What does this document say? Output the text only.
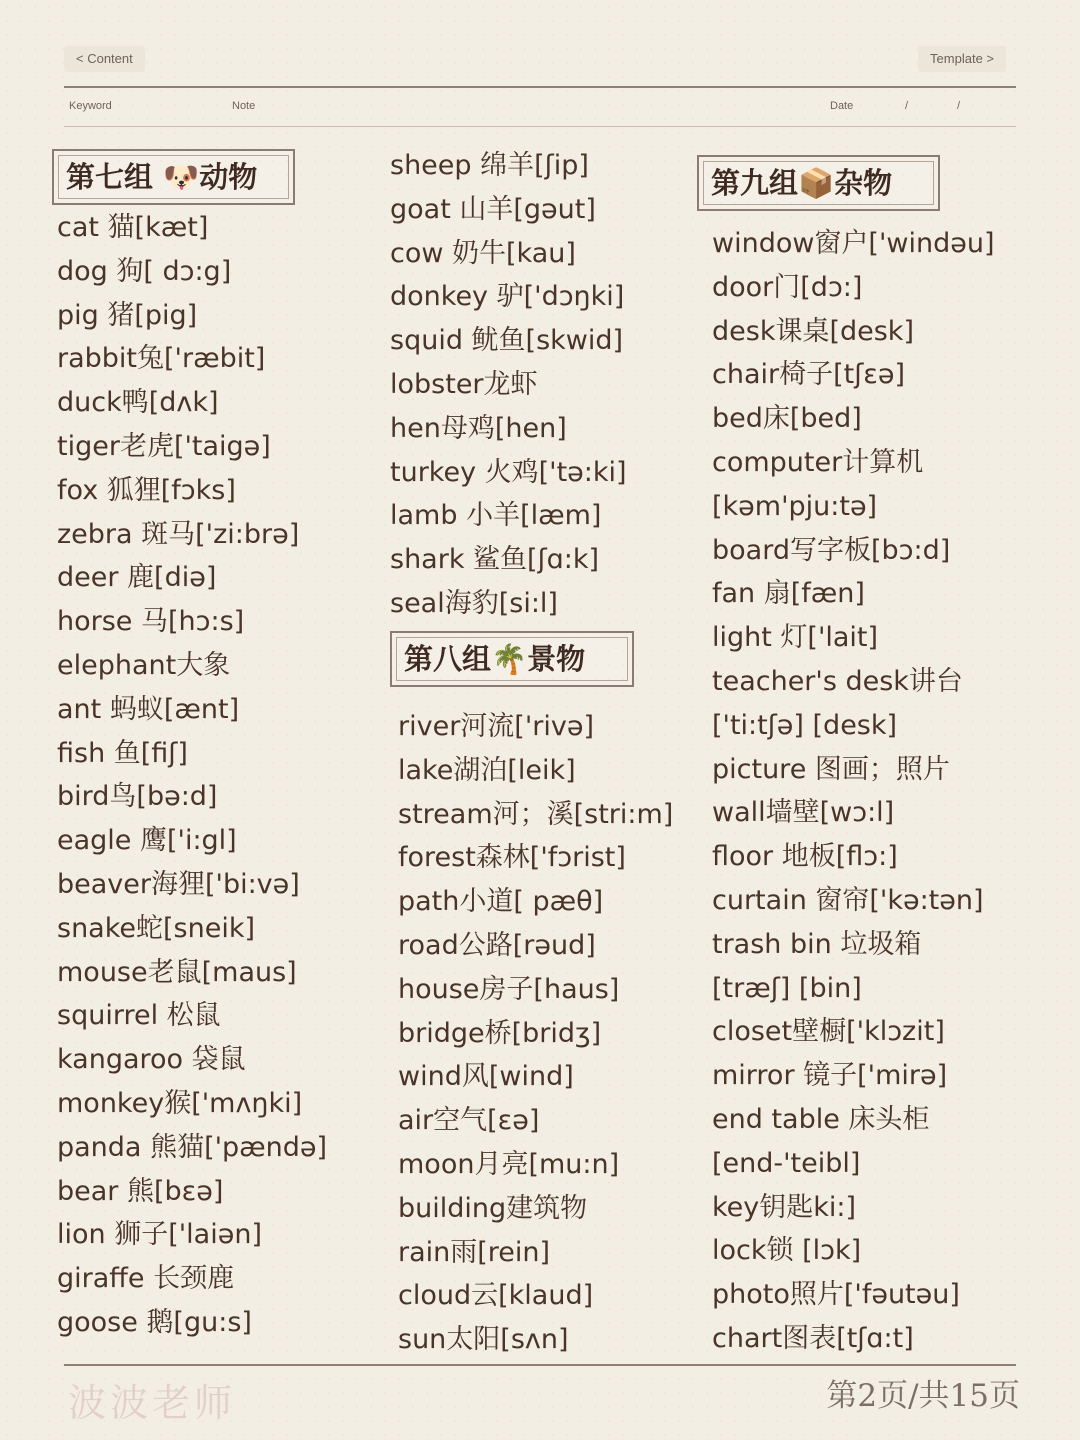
< Content	Template >
Keyword	Note	Date	/	/
第七组 🐶动物
cat 猫[kæt]
dog 狗[ dɔ:g]
pig 猪[pig]
rabbit兔['ræbit]
duck鸭[dʌk]
tiger老虎['taigə]
fox 狐狸[fɔks]
zebra 斑马['zi:brə]
deer 鹿[diə]
horse 马[hɔ:s]
elephant大象
ant 蚂蚁[ænt]
fish 鱼[fiʃ]
bird鸟[bə:d]
eagle 鹰['i:gl]
beaver海狸['bi:və]
snake蛇[sneik]
mouse老鼠[maus]
squirrel 松鼠
kangaroo 袋鼠
monkey猴['mʌŋki]
panda 熊猫['pændə]
bear 熊[bεə]
lion 狮子['laiən]
giraffe 长颈鹿
goose 鹅[gu:s]
sheep 绵羊[ʃip]
goat 山羊[gəut]
cow 奶牛[kau]
donkey 驴['dɔŋki]
squid 鱿鱼[skwid]
lobster龙虾
hen母鸡[hen]
turkey 火鸡['tə:ki]
lamb 小羊[læm]
shark 鲨鱼[ʃɑ:k]
seal海豹[si:l]
第八组🌴景物
river河流['rivə]
lake湖泊[leik]
stream河；溪[stri:m]
forest森林['fɔrist]
path小道[ pæθ]
road公路[rəud]
house房子[haus]
bridge桥[bridʒ]
wind风[wind]
air空气[εə]
moon月亮[mu:n]
building建筑物
rain雨[rein]
cloud云[klaud]
sun太阳[sʌn]
第九组📦杂物
window窗户['windəu]
door门[dɔ:]
desk课桌[desk]
chair椅子[tʃεə]
bed床[bed]
computer计算机
[kəm'pju:tə]
board写字板[bɔ:d]
fan 扇[fæn]
light 灯['lait]
teacher's desk讲台
['ti:tʃə] [desk]
picture 图画；照片
wall墙壁[wɔ:l]
floor 地板[flɔ:]
curtain 窗帘['kə:tən]
trash bin 垃圾箱
[træʃ] [bin]
closet壁橱['klɔzit]
mirror 镜子['mirə]
end table 床头柜
[end-'teibl]
key钥匙ki:]
lock锁 [lɔk]
photo照片['fəutəu]
chart图表[tʃɑ:t]
波波老师	第2页/共15页
